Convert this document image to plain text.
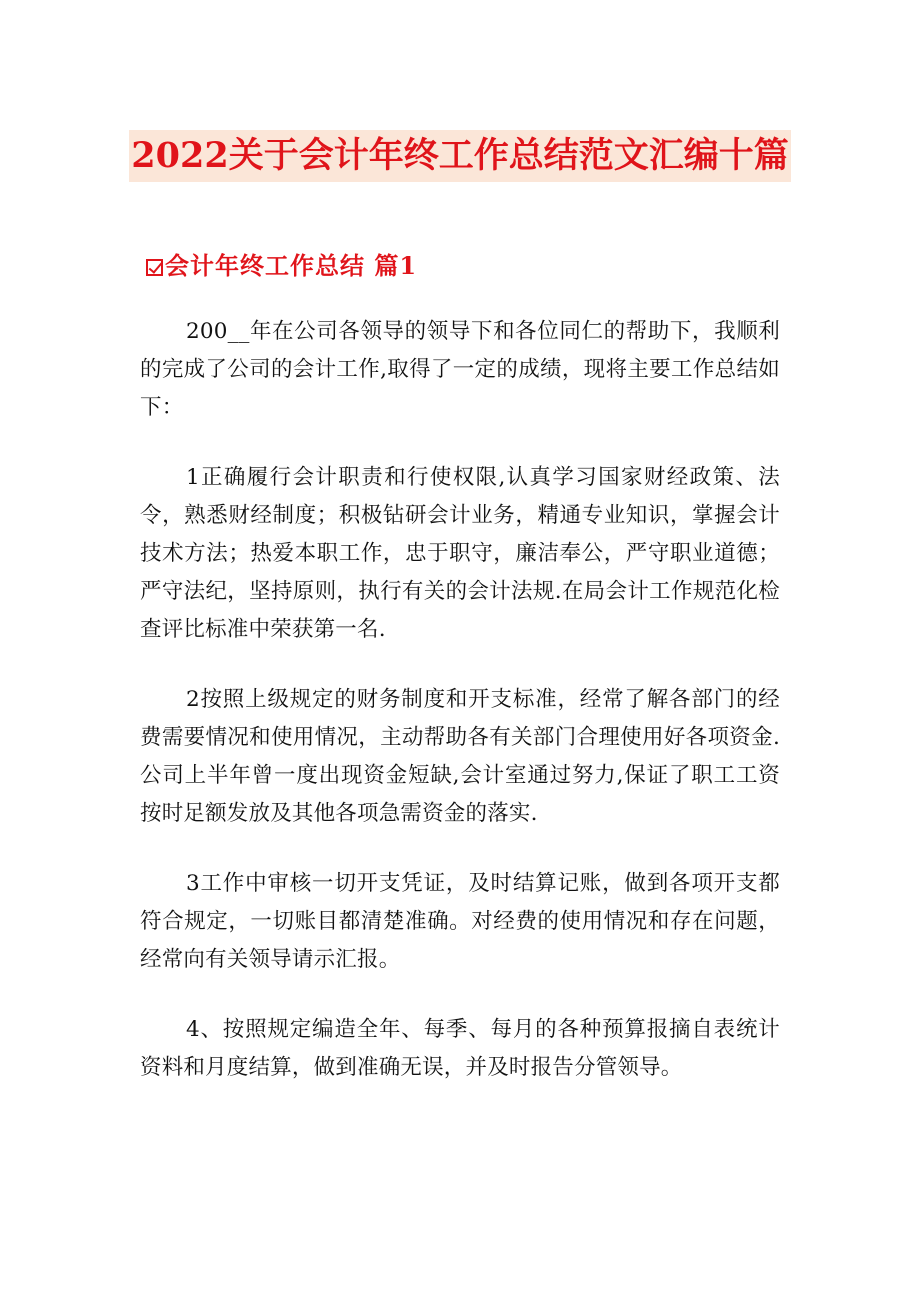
2022关于会计年终工作总结范文汇编十篇
会计年终工作总结 篇1

200__年在公司各领导的领导下和各位同仁的帮助下，我顺利的完成了公司的会计工作,取得了一定的成绩，现将主要工作总结如下：

1正确履行会计职责和行使权限,认真学习国家财经政策、法令，熟悉财经制度；积极钻研会计业务，精通专业知识，掌握会计技术方法；热爱本职工作，忠于职守，廉洁奉公，严守职业道德；严守法纪，坚持原则，执行有关的会计法规.在局会计工作规范化检查评比标准中荣获第一名.

2按照上级规定的财务制度和开支标准，经常了解各部门的经费需要情况和使用情况，主动帮助各有关部门合理使用好各项资金.公司上半年曾一度出现资金短缺,会计室通过努力,保证了职工工资按时足额发放及其他各项急需资金的落实.

3工作中审核一切开支凭证，及时结算记账，做到各项开支都符合规定，一切账目都清楚准确。对经费的使用情况和存在问题，经常向有关领导请示汇报。

4、按照规定编造全年、每季、每月的各种预算报摘自表统计资料和月度结算，做到准确无误，并及时报告分管领导。
